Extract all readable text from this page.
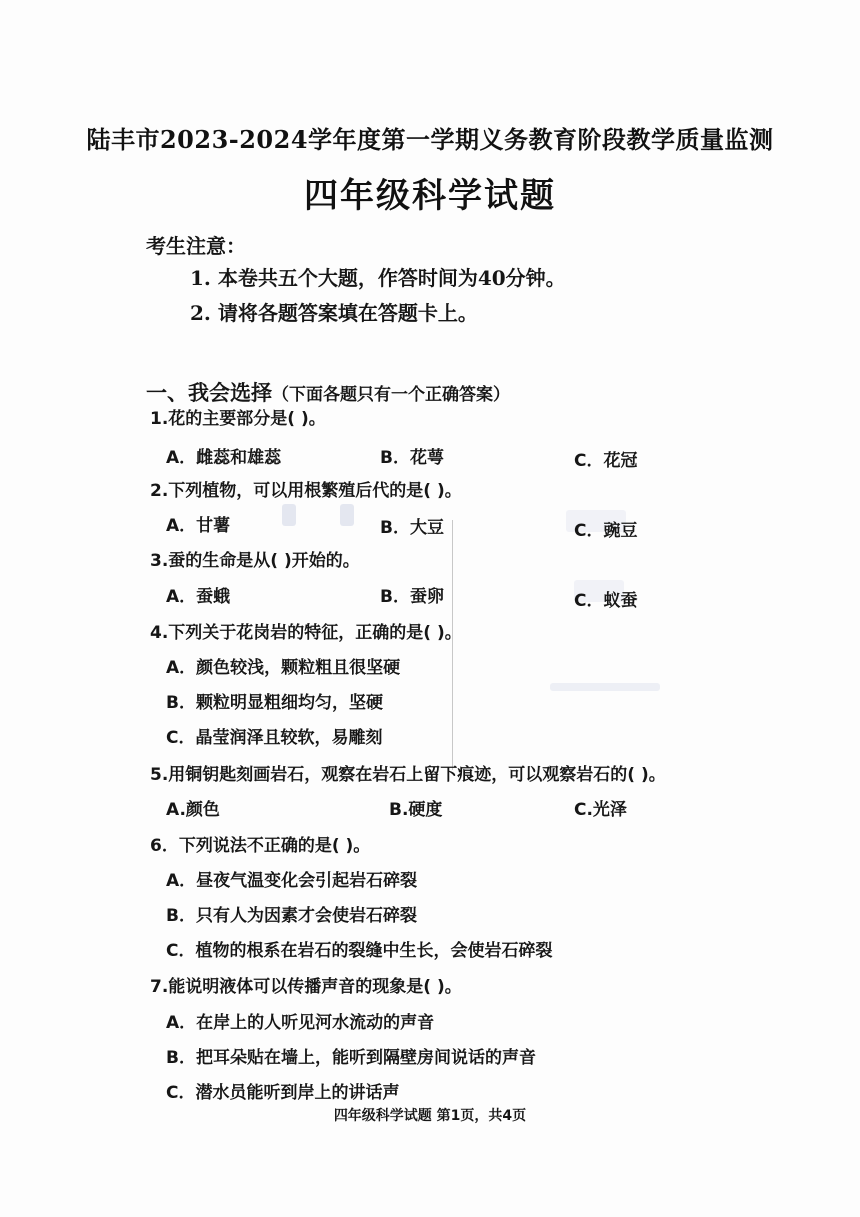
陆丰市2023-2024学年度第一学期义务教育阶段教学质量监测
四年级科学试题
考生注意：
1. 本卷共五个大题，作答时间为40分钟。
2. 请将各题答案填在答题卡上。
一、我会选择（下面各题只有一个正确答案）
1.花的主要部分是( )。
A．雌蕊和雄蕊	B．花萼	C．花冠
2.下列植物，可以用根繁殖后代的是( )。
A．甘薯	B．大豆	C．豌豆
3.蚕的生命是从( )开始的。
A．蚕蛾	B．蚕卵	C．蚁蚕
4.下列关于花岗岩的特征，正确的是( )。
A．颜色较浅，颗粒粗且很坚硬
B．颗粒明显粗细均匀，坚硬
C．晶莹润泽且较软，易雕刻
5.用铜钥匙刻画岩石，观察在岩石上留下痕迹，可以观察岩石的( )。
A.颜色	B.硬度	C.光泽
6．下列说法不正确的是( )。
A．昼夜气温变化会引起岩石碎裂
B．只有人为因素才会使岩石碎裂
C．植物的根系在岩石的裂缝中生长，会使岩石碎裂
7.能说明液体可以传播声音的现象是( )。
A．在岸上的人听见河水流动的声音
B．把耳朵贴在墙上，能听到隔壁房间说话的声音
C．潜水员能听到岸上的讲话声
四年级科学试题 第1页，共4页
